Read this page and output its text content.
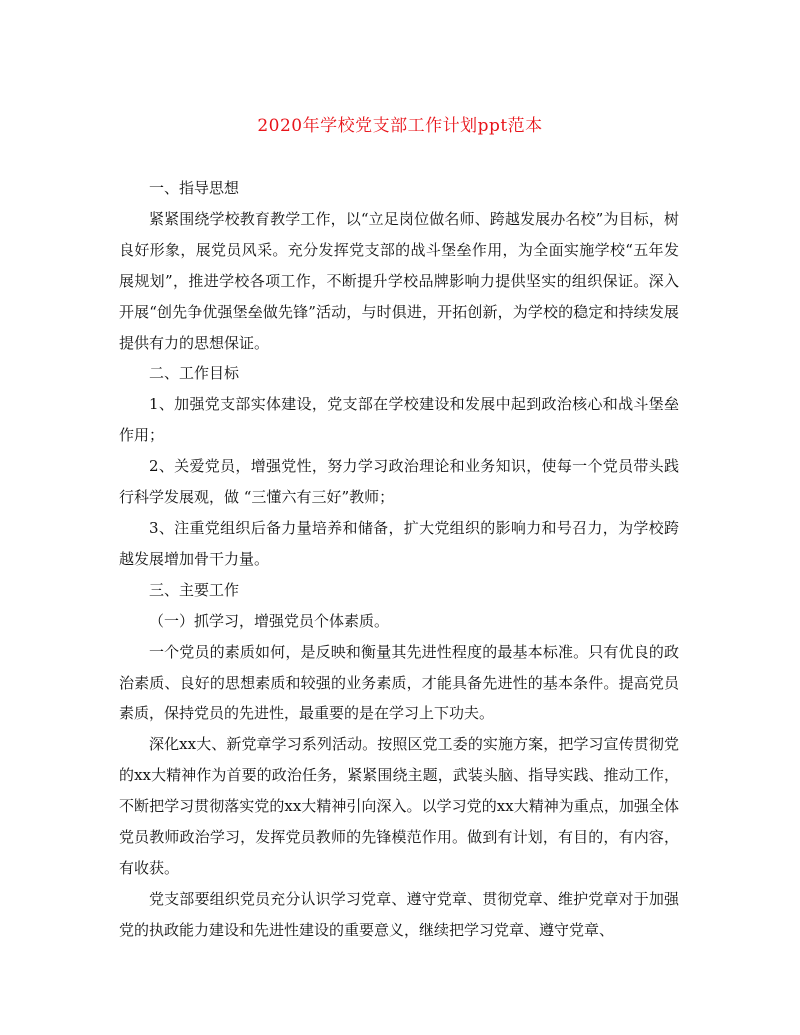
2020年学校党支部工作计划ppt范本

一、指导思想

紧紧围绕学校教育教学工作，以“立足岗位做名师、跨越发展办名校”为目标，树良好形象，展党员风采。充分发挥党支部的战斗堡垒作用，为全面实施学校“五年发展规划”，推进学校各项工作，不断提升学校品牌影响力提供坚实的组织保证。深入开展“创先争优强堡垒做先锋”活动，与时俱进，开拓创新，为学校的稳定和持续发展提供有力的思想保证。

二、工作目标

1、加强党支部实体建设，党支部在学校建设和发展中起到政治核心和战斗堡垒作用；

2、关爱党员，增强党性，努力学习政治理论和业务知识，使每一个党员带头践行科学发展观，做 “三懂六有三好”教师；

3、注重党组织后备力量培养和储备，扩大党组织的影响力和号召力，为学校跨越发展增加骨干力量。

三、主要工作

（一）抓学习，增强党员个体素质。

一个党员的素质如何，是反映和衡量其先进性程度的最基本标准。只有优良的政治素质、良好的思想素质和较强的业务素质，才能具备先进性的基本条件。提高党员素质，保持党员的先进性，最重要的是在学习上下功夫。

深化xx大、新党章学习系列活动。按照区党工委的实施方案，把学习宣传贯彻党的xx大精神作为首要的政治任务，紧紧围绕主题，武装头脑、指导实践、推动工作，不断把学习贯彻落实党的xx大精神引向深入。以学习党的xx大精神为重点，加强全体党员教师政治学习，发挥党员教师的先锋模范作用。做到有计划，有目的，有内容，有收获。

党支部要组织党员充分认识学习党章、遵守党章、贯彻党章、维护党章对于加强党的执政能力建设和先进性建设的重要意义，继续把学习党章、遵守党章、
